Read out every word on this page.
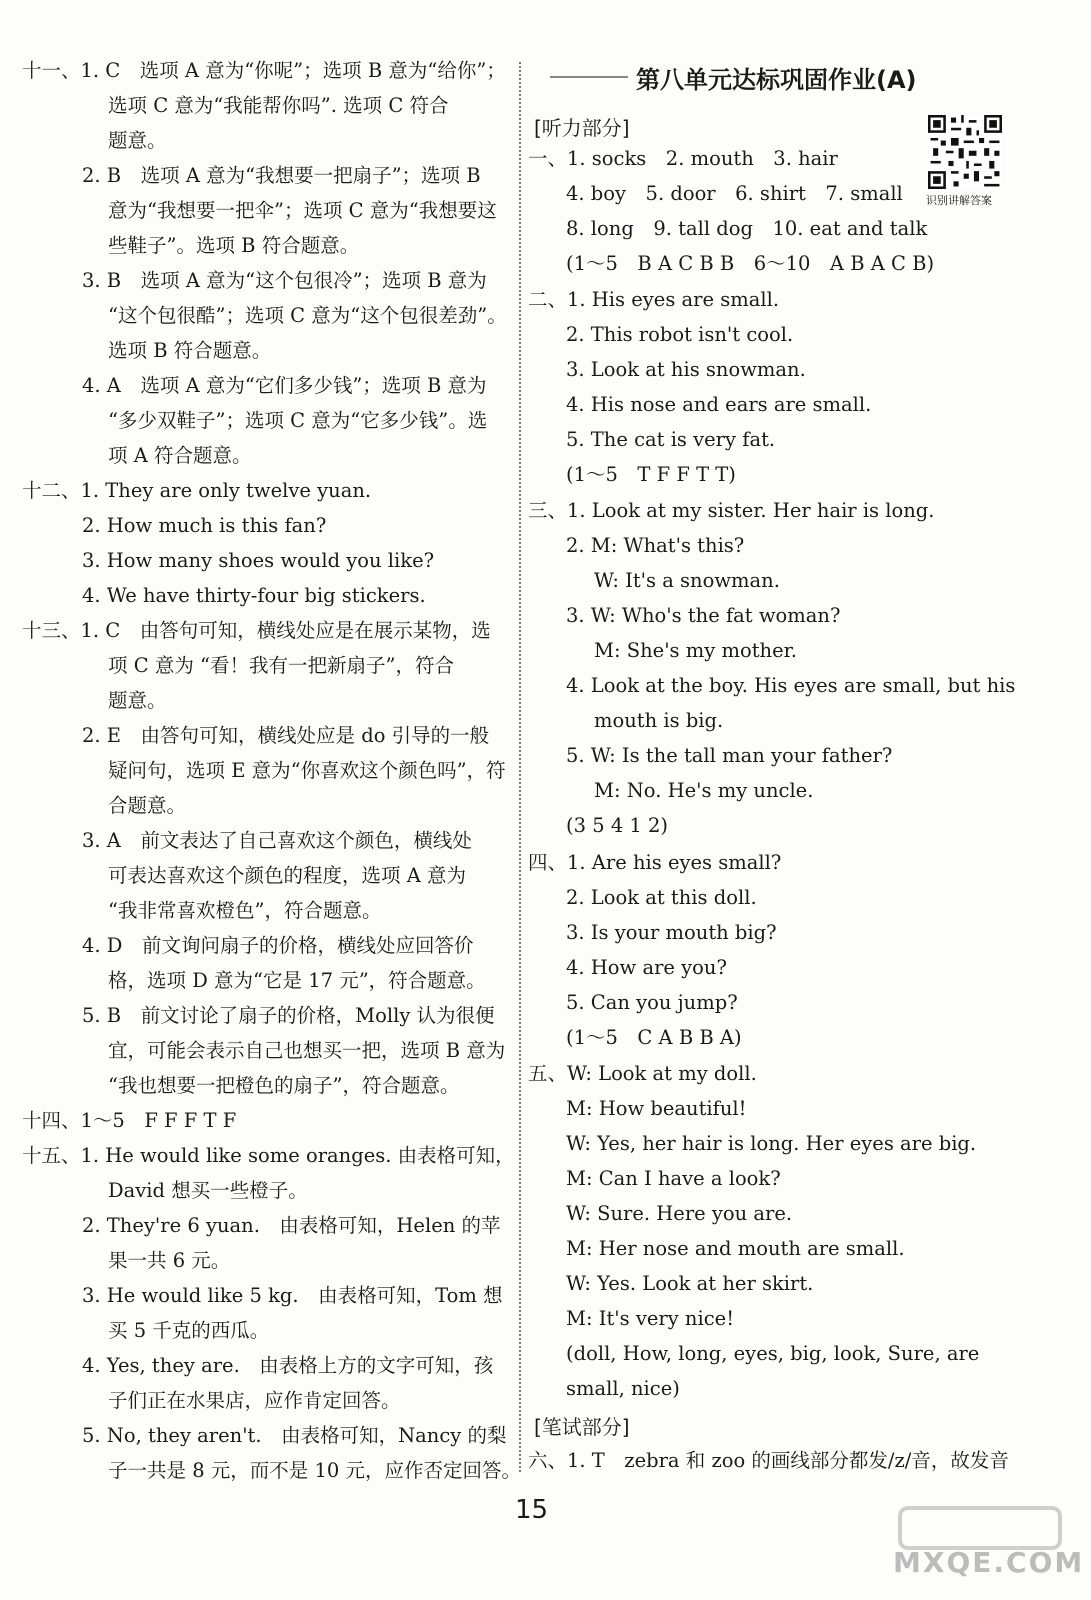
十一、1. C　选项 A 意为“你呢”；选项 B 意为“给你”；
选项 C 意为“我能帮你吗”. 选项 C 符合
题意。
2. B　选项 A 意为“我想要一把扇子”；选项 B
意为“我想要一把伞”；选项 C 意为“我想要这
些鞋子”。选项 B 符合题意。
3. B　选项 A 意为“这个包很冷”；选项 B 意为
“这个包很酷”；选项 C 意为“这个包很差劲”。
选项 B 符合题意。
4. A　选项 A 意为“它们多少钱”；选项 B 意为
“多少双鞋子”；选项 C 意为“它多少钱”。选
项 A 符合题意。
十二、1. They are only twelve yuan.
2. How much is this fan?
3. How many shoes would you like?
4. We have thirty-four big stickers.
十三、1. C　由答句可知，横线处应是在展示某物，选
项 C 意为 “看！我有一把新扇子”，符合
题意。
2. E　由答句可知，横线处应是 do 引导的一般
疑问句，选项 E 意为“你喜欢这个颜色吗”，符
合题意。
3. A　前文表达了自己喜欢这个颜色，横线处
可表达喜欢这个颜色的程度，选项 A 意为
“我非常喜欢橙色”，符合题意。
4. D　前文询问扇子的价格，横线处应回答价
格，选项 D 意为“它是 17 元”，符合题意。
5. B　前文讨论了扇子的价格，Molly 认为很便
宜，可能会表示自己也想买一把，选项 B 意为
“我也想要一把橙色的扇子”，符合题意。
十四、1～5　F F F T F
十五、1. He would like some oranges. 由表格可知，
David 想买一些橙子。
2. They're 6 yuan.　由表格可知，Helen 的苹
果一共 6 元。
3. He would like 5 kg.　由表格可知，Tom 想
买 5 千克的西瓜。
4. Yes, they are.　由表格上方的文字可知，孩
子们正在水果店，应作肯定回答。
5. No, they aren't.　由表格可知，Nancy 的梨
子一共是 8 元，而不是 10 元，应作否定回答。
第八单元达标巩固作业(A)
[听力部分]
识别讲解答案
[笔试部分]
一、1. socks　2. mouth　3. hair
4. boy　5. door　6. shirt　7. small
8. long　9. tall dog　10. eat and talk
(1～5　B A C B B　6～10　A B A C B)
二、1. His eyes are small.
2. This robot isn't cool.
3. Look at his snowman.
4. His nose and ears are small.
5. The cat is very fat.
(1～5　T F F T T)
三、1. Look at my sister. Her hair is long.
2. M: What's this?
W: It's a snowman.
3. W: Who's the fat woman?
M: She's my mother.
4. Look at the boy. His eyes are small, but his
mouth is big.
5. W: Is the tall man your father?
M: No. He's my uncle.
(3 5 4 1 2)
四、1. Are his eyes small?
2. Look at this doll.
3. Is your mouth big?
4. How are you?
5. Can you jump?
(1～5　C A B B A)
五、W: Look at my doll.
M: How beautiful!
W: Yes, her hair is long. Her eyes are big.
M: Can I have a look?
W: Sure. Here you are.
M: Her nose and mouth are small.
W: Yes. Look at her skirt.
M: It's very nice!
(doll, How, long, eyes, big, look, Sure, are
small, nice)
六、1. T　zebra 和 zoo 的画线部分都发/z/音，故发音
15
MXQE.COM
